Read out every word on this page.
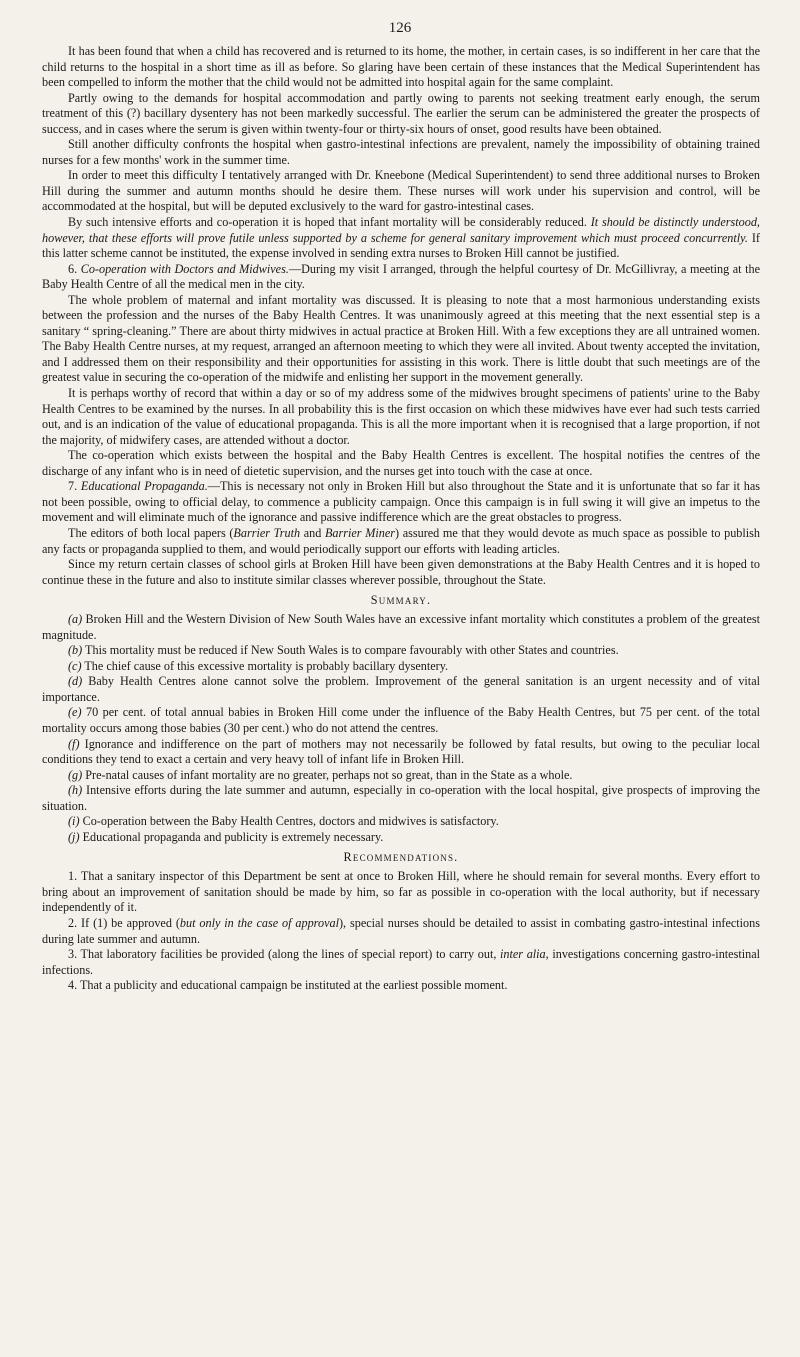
126

It has been found that when a child has recovered and is returned to its home, the mother, in certain cases, is so indifferent in her care that the child returns to the hospital in a short time as ill as before. So glaring have been certain of these instances that the Medical Superintendent has been compelled to inform the mother that the child would not be admitted into hospital again for the same complaint.

Partly owing to the demands for hospital accommodation and partly owing to parents not seeking treatment early enough, the serum treatment of this (?) bacillary dysentery has not been markedly successful. The earlier the serum can be administered the greater the prospects of success, and in cases where the serum is given within twenty-four or thirty-six hours of onset, good results have been obtained.

Still another difficulty confronts the hospital when gastro-intestinal infections are prevalent, namely the impossibility of obtaining trained nurses for a few months' work in the summer time.

In order to meet this difficulty I tentatively arranged with Dr. Kneebone (Medical Superintendent) to send three additional nurses to Broken Hill during the summer and autumn months should he desire them. These nurses will work under his supervision and control, will be accommodated at the hospital, but will be deputed exclusively to the ward for gastro-intestinal cases.

By such intensive efforts and co-operation it is hoped that infant mortality will be considerably reduced. It should be distinctly understood, however, that these efforts will prove futile unless supported by a scheme for general sanitary improvement which must proceed concurrently. If this latter scheme cannot be instituted, the expense involved in sending extra nurses to Broken Hill cannot be justified.

6. Co-operation with Doctors and Midwives.—During my visit I arranged, through the helpful courtesy of Dr. McGillivray, a meeting at the Baby Health Centre of all the medical men in the city.

The whole problem of maternal and infant mortality was discussed. It is pleasing to note that a most harmonious understanding exists between the profession and the nurses of the Baby Health Centres. It was unanimously agreed at this meeting that the next essential step is a sanitary “ spring-cleaning.” There are about thirty midwives in actual practice at Broken Hill. With a few exceptions they are all untrained women. The Baby Health Centre nurses, at my request, arranged an afternoon meeting to which they were all invited. About twenty accepted the invitation, and I addressed them on their responsibility and their opportunities for assisting in this work. There is little doubt that such meetings are of the greatest value in securing the co-operation of the midwife and enlisting her support in the movement generally.

It is perhaps worthy of record that within a day or so of my address some of the midwives brought specimens of patients' urine to the Baby Health Centres to be examined by the nurses. In all probability this is the first occasion on which these midwives have ever had such tests carried out, and is an indication of the value of educational propaganda. This is all the more important when it is recognised that a large proportion, if not the majority, of midwifery cases, are attended without a doctor.

The co-operation which exists between the hospital and the Baby Health Centres is excellent. The hospital notifies the centres of the discharge of any infant who is in need of dietetic supervision, and the nurses get into touch with the case at once.

7. Educational Propaganda.—This is necessary not only in Broken Hill but also throughout the State and it is unfortunate that so far it has not been possible, owing to official delay, to commence a publicity campaign. Once this campaign is in full swing it will give an impetus to the movement and will eliminate much of the ignorance and passive indifference which are the great obstacles to progress.

The editors of both local papers (Barrier Truth and Barrier Miner) assured me that they would devote as much space as possible to publish any facts or propaganda supplied to them, and would periodically support our efforts with leading articles.

Since my return certain classes of school girls at Broken Hill have been given demonstrations at the Baby Health Centres and it is hoped to continue these in the future and also to institute similar classes wherever possible, throughout the State.

Summary.

(a) Broken Hill and the Western Division of New South Wales have an excessive infant mortality which constitutes a problem of the greatest magnitude.

(b) This mortality must be reduced if New South Wales is to compare favourably with other States and countries.

(c) The chief cause of this excessive mortality is probably bacillary dysentery.

(d) Baby Health Centres alone cannot solve the problem. Improvement of the general sanitation is an urgent necessity and of vital importance.

(e) 70 per cent. of total annual babies in Broken Hill come under the influence of the Baby Health Centres, but 75 per cent. of the total mortality occurs among those babies (30 per cent.) who do not attend the centres.

(f) Ignorance and indifference on the part of mothers may not necessarily be followed by fatal results, but owing to the peculiar local conditions they tend to exact a certain and very heavy toll of infant life in Broken Hill.

(g) Pre-natal causes of infant mortality are no greater, perhaps not so great, than in the State as a whole.

(h) Intensive efforts during the late summer and autumn, especially in co-operation with the local hospital, give prospects of improving the situation.

(i) Co-operation between the Baby Health Centres, doctors and midwives is satisfactory.

(j) Educational propaganda and publicity is extremely necessary.

Recommendations.

1. That a sanitary inspector of this Department be sent at once to Broken Hill, where he should remain for several months. Every effort to bring about an improvement of sanitation should be made by him, so far as possible in co-operation with the local authority, but if necessary independently of it.

2. If (1) be approved (but only in the case of approval), special nurses should be detailed to assist in combating gastro-intestinal infections during late summer and autumn.

3. That laboratory facilities be provided (along the lines of special report) to carry out, inter alia, investigations concerning gastro-intestinal infections.

4. That a publicity and educational campaign be instituted at the earliest possible moment.
